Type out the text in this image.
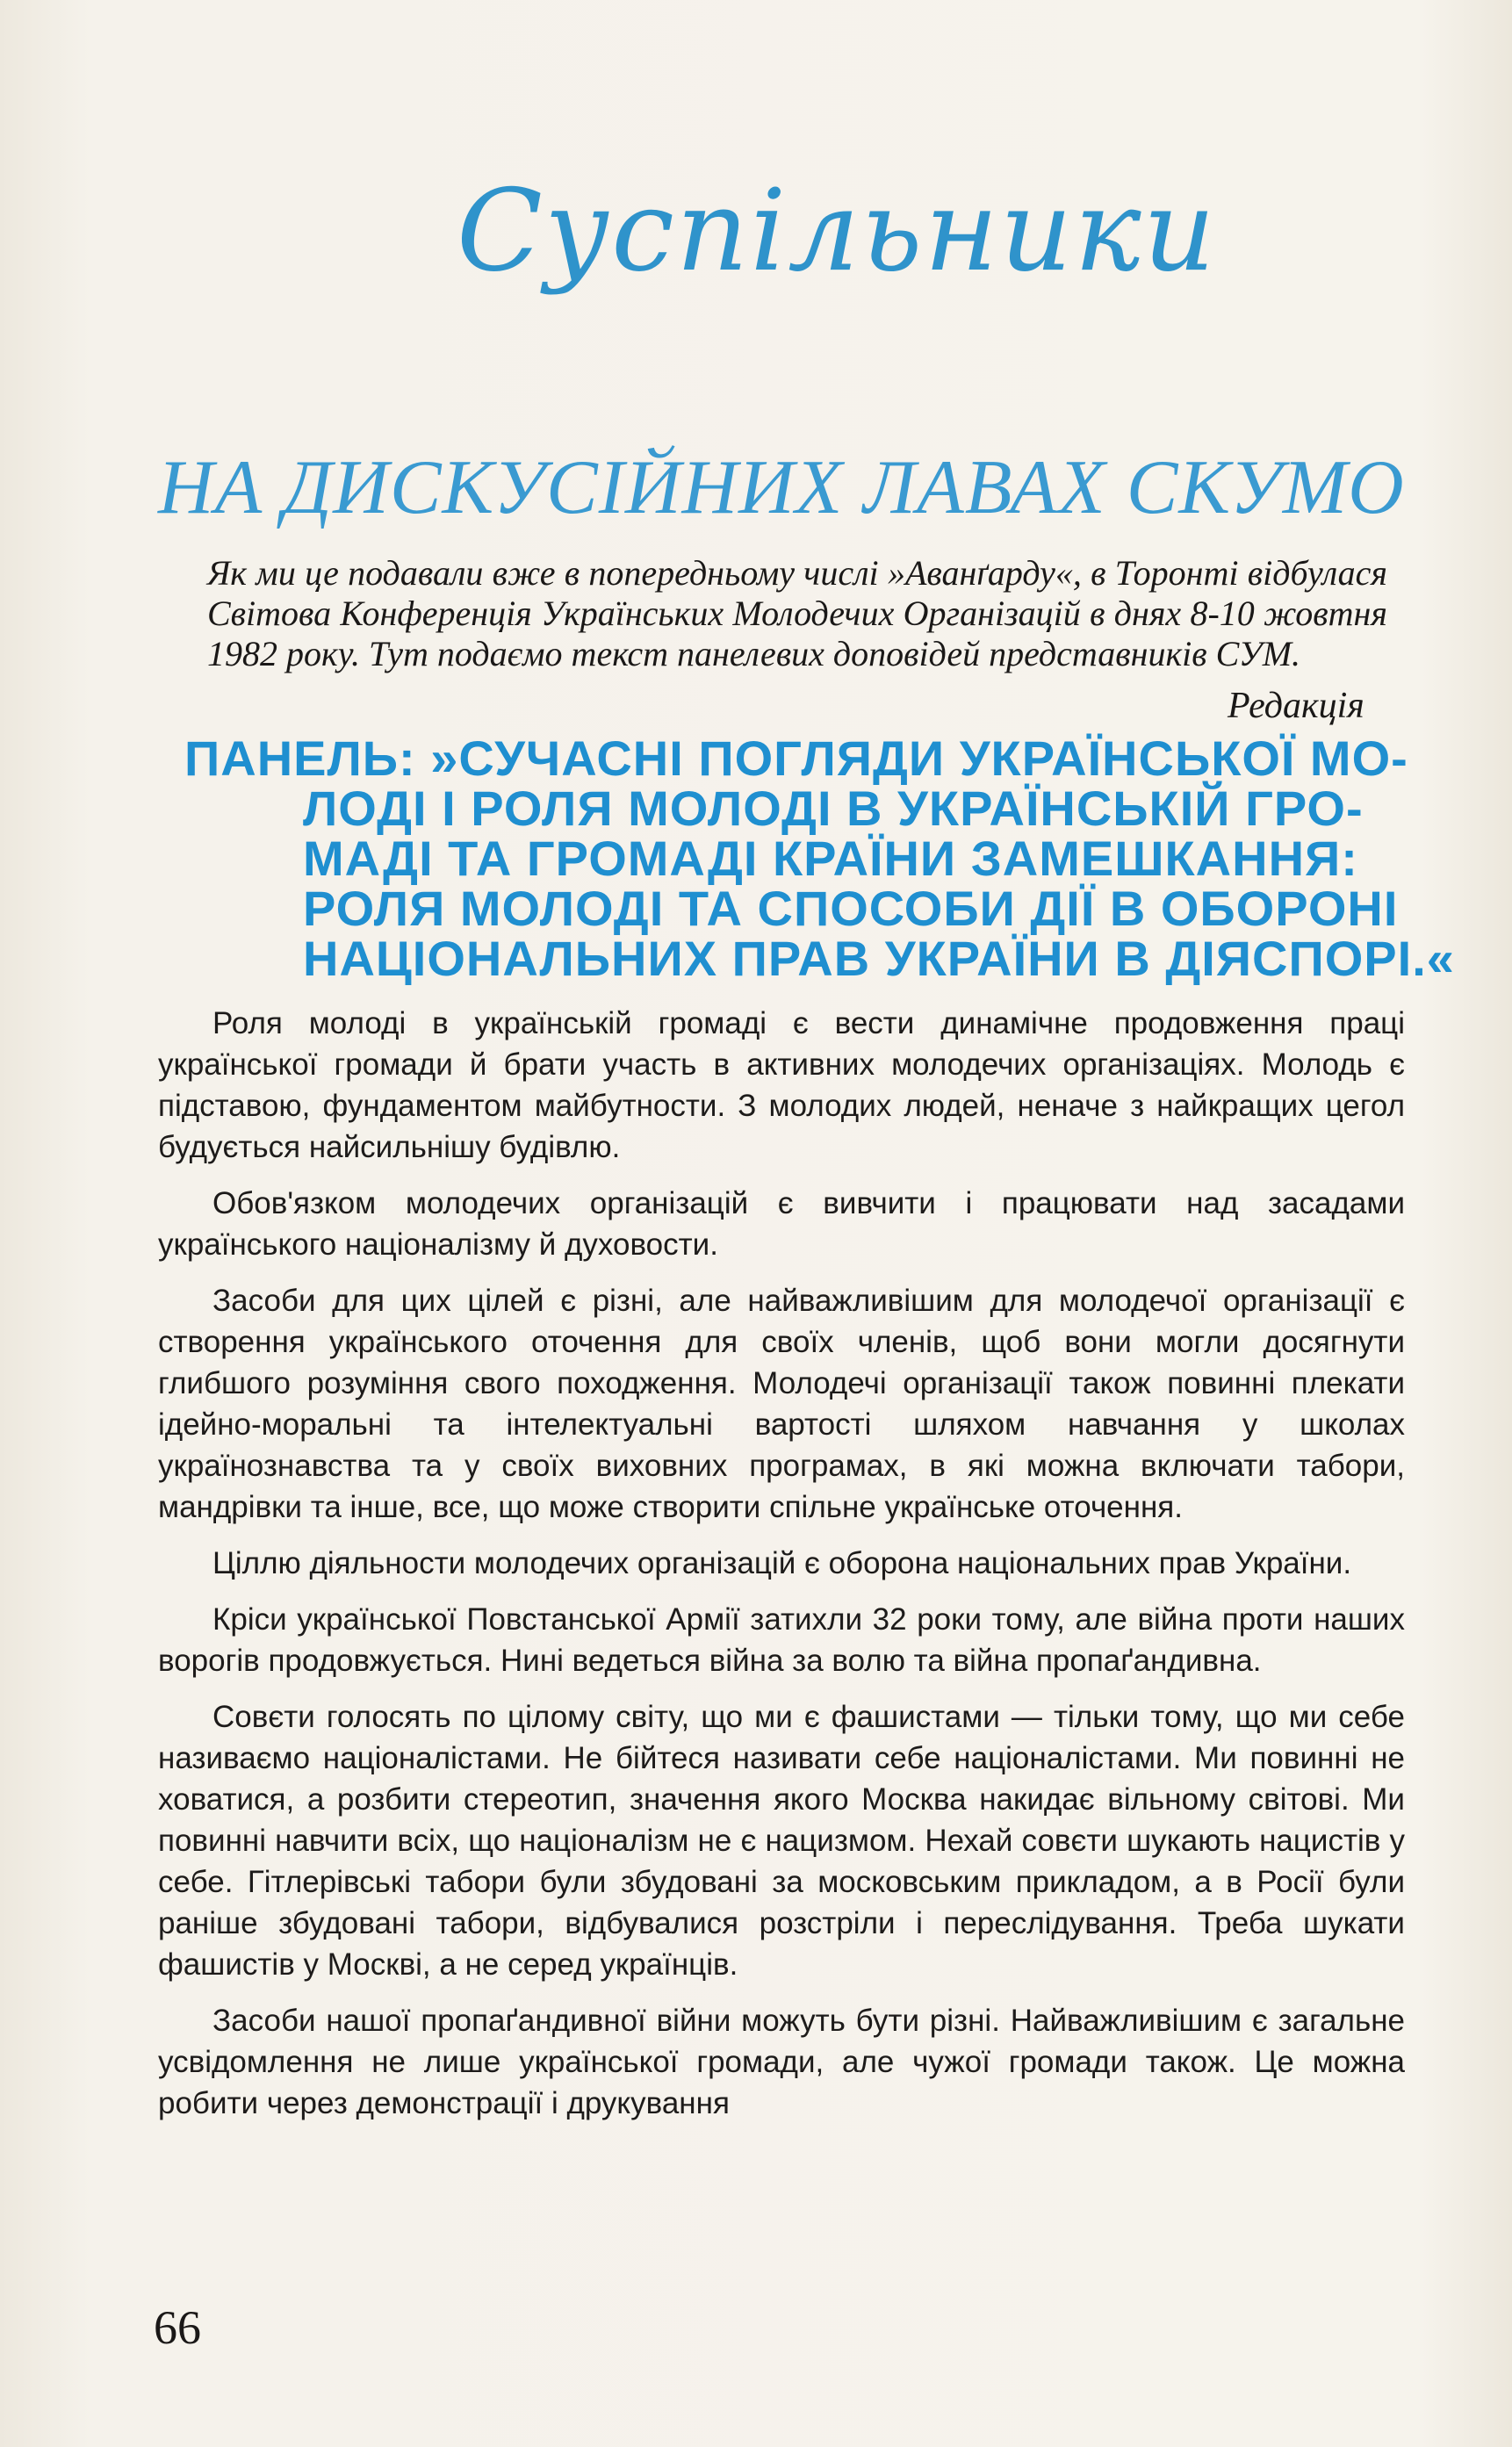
Суспільники
НА ДИСКУСІЙНИХ ЛАВАХ СКУМО
Як ми це подавали вже в попередньому числі »Аванґарду«, в Торонті відбулася Світова Конференція Українських Молодечих Організацій в днях 8-10 жовтня 1982 року. Тут подаємо текст панелевих доповідей представників СУМ.
Редакція
ПАНЕЛЬ: »СУЧАСНІ ПОГЛЯДИ УКРАЇНСЬКОЇ МО-
ЛОДІ І РОЛЯ МОЛОДІ В УКРАЇНСЬКІЙ ГРО-
МАДІ ТА ГРОМАДІ КРАЇНИ ЗАМЕШКАННЯ:
РОЛЯ МОЛОДІ ТА СПОСОБИ ДІЇ В ОБОРОНІ
НАЦІОНАЛЬНИХ ПРАВ УКРАЇНИ В ДІЯСПОРІ.«

Роля молоді в українській громаді є вести динамічне продовження праці української громади й брати участь в активних молодечих організаціях. Молодь є підставою, фундаментом майбутности. З молодих людей, неначе з найкращих цегол будується найсильнішу будівлю.

Обов'язком молодечих організацій є вивчити і працювати над засадами українського націоналізму й духовости.

Засоби для цих цілей є різні, але найважливішим для молодечої організації є створення українського оточення для своїх членів, щоб вони могли досягнути глибшого розуміння свого походження. Молодечі організації також повинні плекати ідейно-моральні та інтелектуальні вартості шляхом навчання у школах українознавства та у своїх виховних програмах, в які можна включати табори, мандрівки та інше, все, що може створити спільне українське оточення.

Ціллю діяльности молодечих організацій є оборона національних прав України.

Кріси української Повстанської Армії затихли 32 роки тому, але війна проти наших ворогів продовжується. Нині ведеться війна за волю та війна пропаґандивна.

Совєти голосять по цілому світу, що ми є фашистами — тільки тому, що ми себе називаємо націоналістами. Не бійтеся називати себе націоналістами. Ми повинні не ховатися, а розбити стереотип, значення якого Москва накидає вільному світові. Ми повинні навчити всіх, що націоналізм не є нацизмом. Нехай совєти шукають нацистів у себе. Гітлерівські табори були збудовані за московським прикладом, а в Росії були раніше збудовані табори, відбувалися розстріли і переслідування. Треба шукати фашистів у Москві, а не серед українців.

Засоби нашої пропаґандивної війни можуть бути різні. Найважливішим є загальне усвідомлення не лише української громади, але чужої громади також. Це можна робити через демонстрації і друкування

66
